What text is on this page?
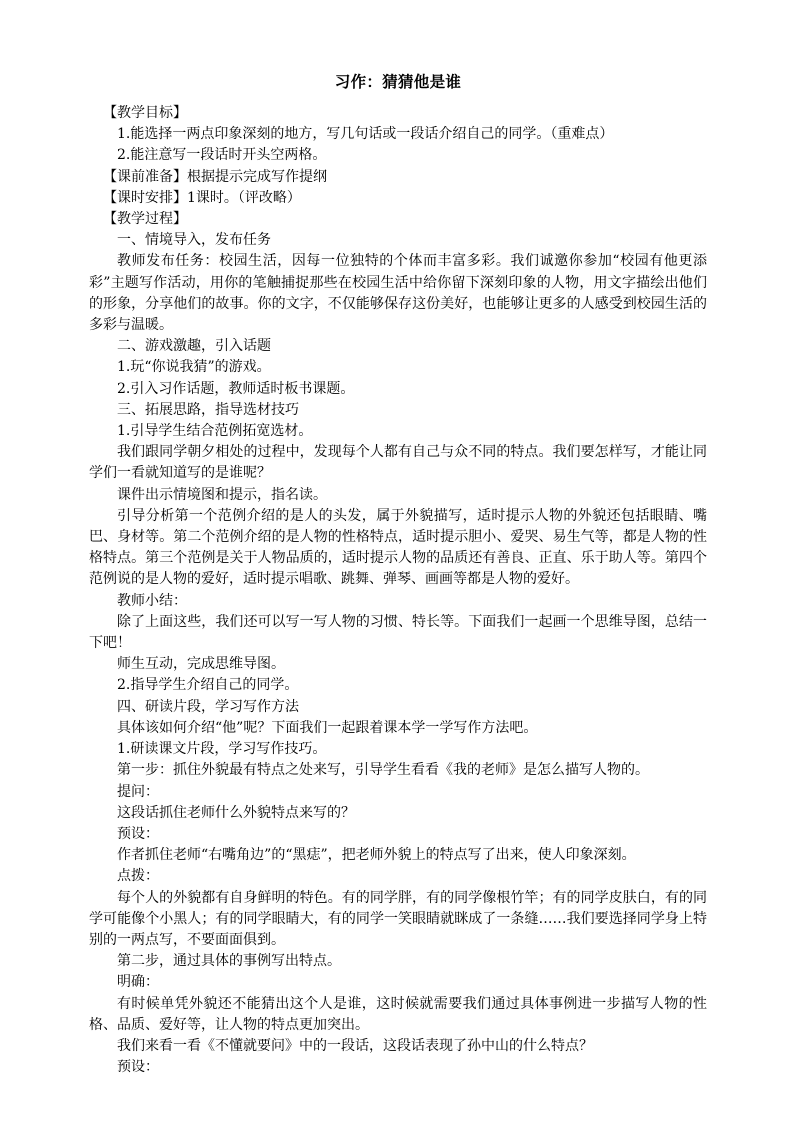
习作：猜猜他是谁

【教学目标】

1.能选择一两点印象深刻的地方，写几句话或一段话介绍自己的同学。（重难点）

2.能注意写一段话时开头空两格。

【课前准备】根据提示完成写作提纲

【课时安排】1课时。（评改略）

【教学过程】

一、情境导入，发布任务

教师发布任务：校园生活，因每一位独特的个体而丰富多彩。我们诚邀你参加“校园有他更添彩”主题写作活动，用你的笔触捕捉那些在校园生活中给你留下深刻印象的人物，用文字描绘出他们的形象，分享他们的故事。你的文字，不仅能够保存这份美好，也能够让更多的人感受到校园生活的多彩与温暖。

二、游戏激趣，引入话题

1.玩“你说我猜”的游戏。

2.引入习作话题，教师适时板书课题。

三、拓展思路，指导选材技巧

1.引导学生结合范例拓宽选材。

我们跟同学朝夕相处的过程中，发现每个人都有自己与众不同的特点。我们要怎样写，才能让同学们一看就知道写的是谁呢？

课件出示情境图和提示，指名读。

引导分析第一个范例介绍的是人的头发，属于外貌描写，适时提示人物的外貌还包括眼睛、嘴巴、身材等。第二个范例介绍的是人物的性格特点，适时提示胆小、爱哭、易生气等，都是人物的性格特点。第三个范例是关于人物品质的，适时提示人物的品质还有善良、正直、乐于助人等。第四个范例说的是人物的爱好，适时提示唱歌、跳舞、弹琴、画画等都是人物的爱好。

教师小结：

除了上面这些，我们还可以写一写人物的习惯、特长等。下面我们一起画一个思维导图，总结一下吧！

师生互动，完成思维导图。

2.指导学生介绍自己的同学。

四、研读片段，学习写作方法

具体该如何介绍“他”呢？下面我们一起跟着课本学一学写作方法吧。

1.研读课文片段，学习写作技巧。

第一步：抓住外貌最有特点之处来写，引导学生看看《我的老师》是怎么描写人物的。

提问：

这段话抓住老师什么外貌特点来写的？

预设：

作者抓住老师“右嘴角边”的“黑痣”，把老师外貌上的特点写了出来，使人印象深刻。

点拨：

每个人的外貌都有自身鲜明的特色。有的同学胖，有的同学像根竹竿；有的同学皮肤白，有的同学可能像个小黑人；有的同学眼睛大，有的同学一笑眼睛就眯成了一条缝……我们要选择同学身上特别的一两点写，不要面面俱到。

第二步，通过具体的事例写出特点。

明确：

有时候单凭外貌还不能猜出这个人是谁，这时候就需要我们通过具体事例进一步描写人物的性格、品质、爱好等，让人物的特点更加突出。

我们来看一看《不懂就要问》中的一段话，这段话表现了孙中山的什么特点？

预设：
